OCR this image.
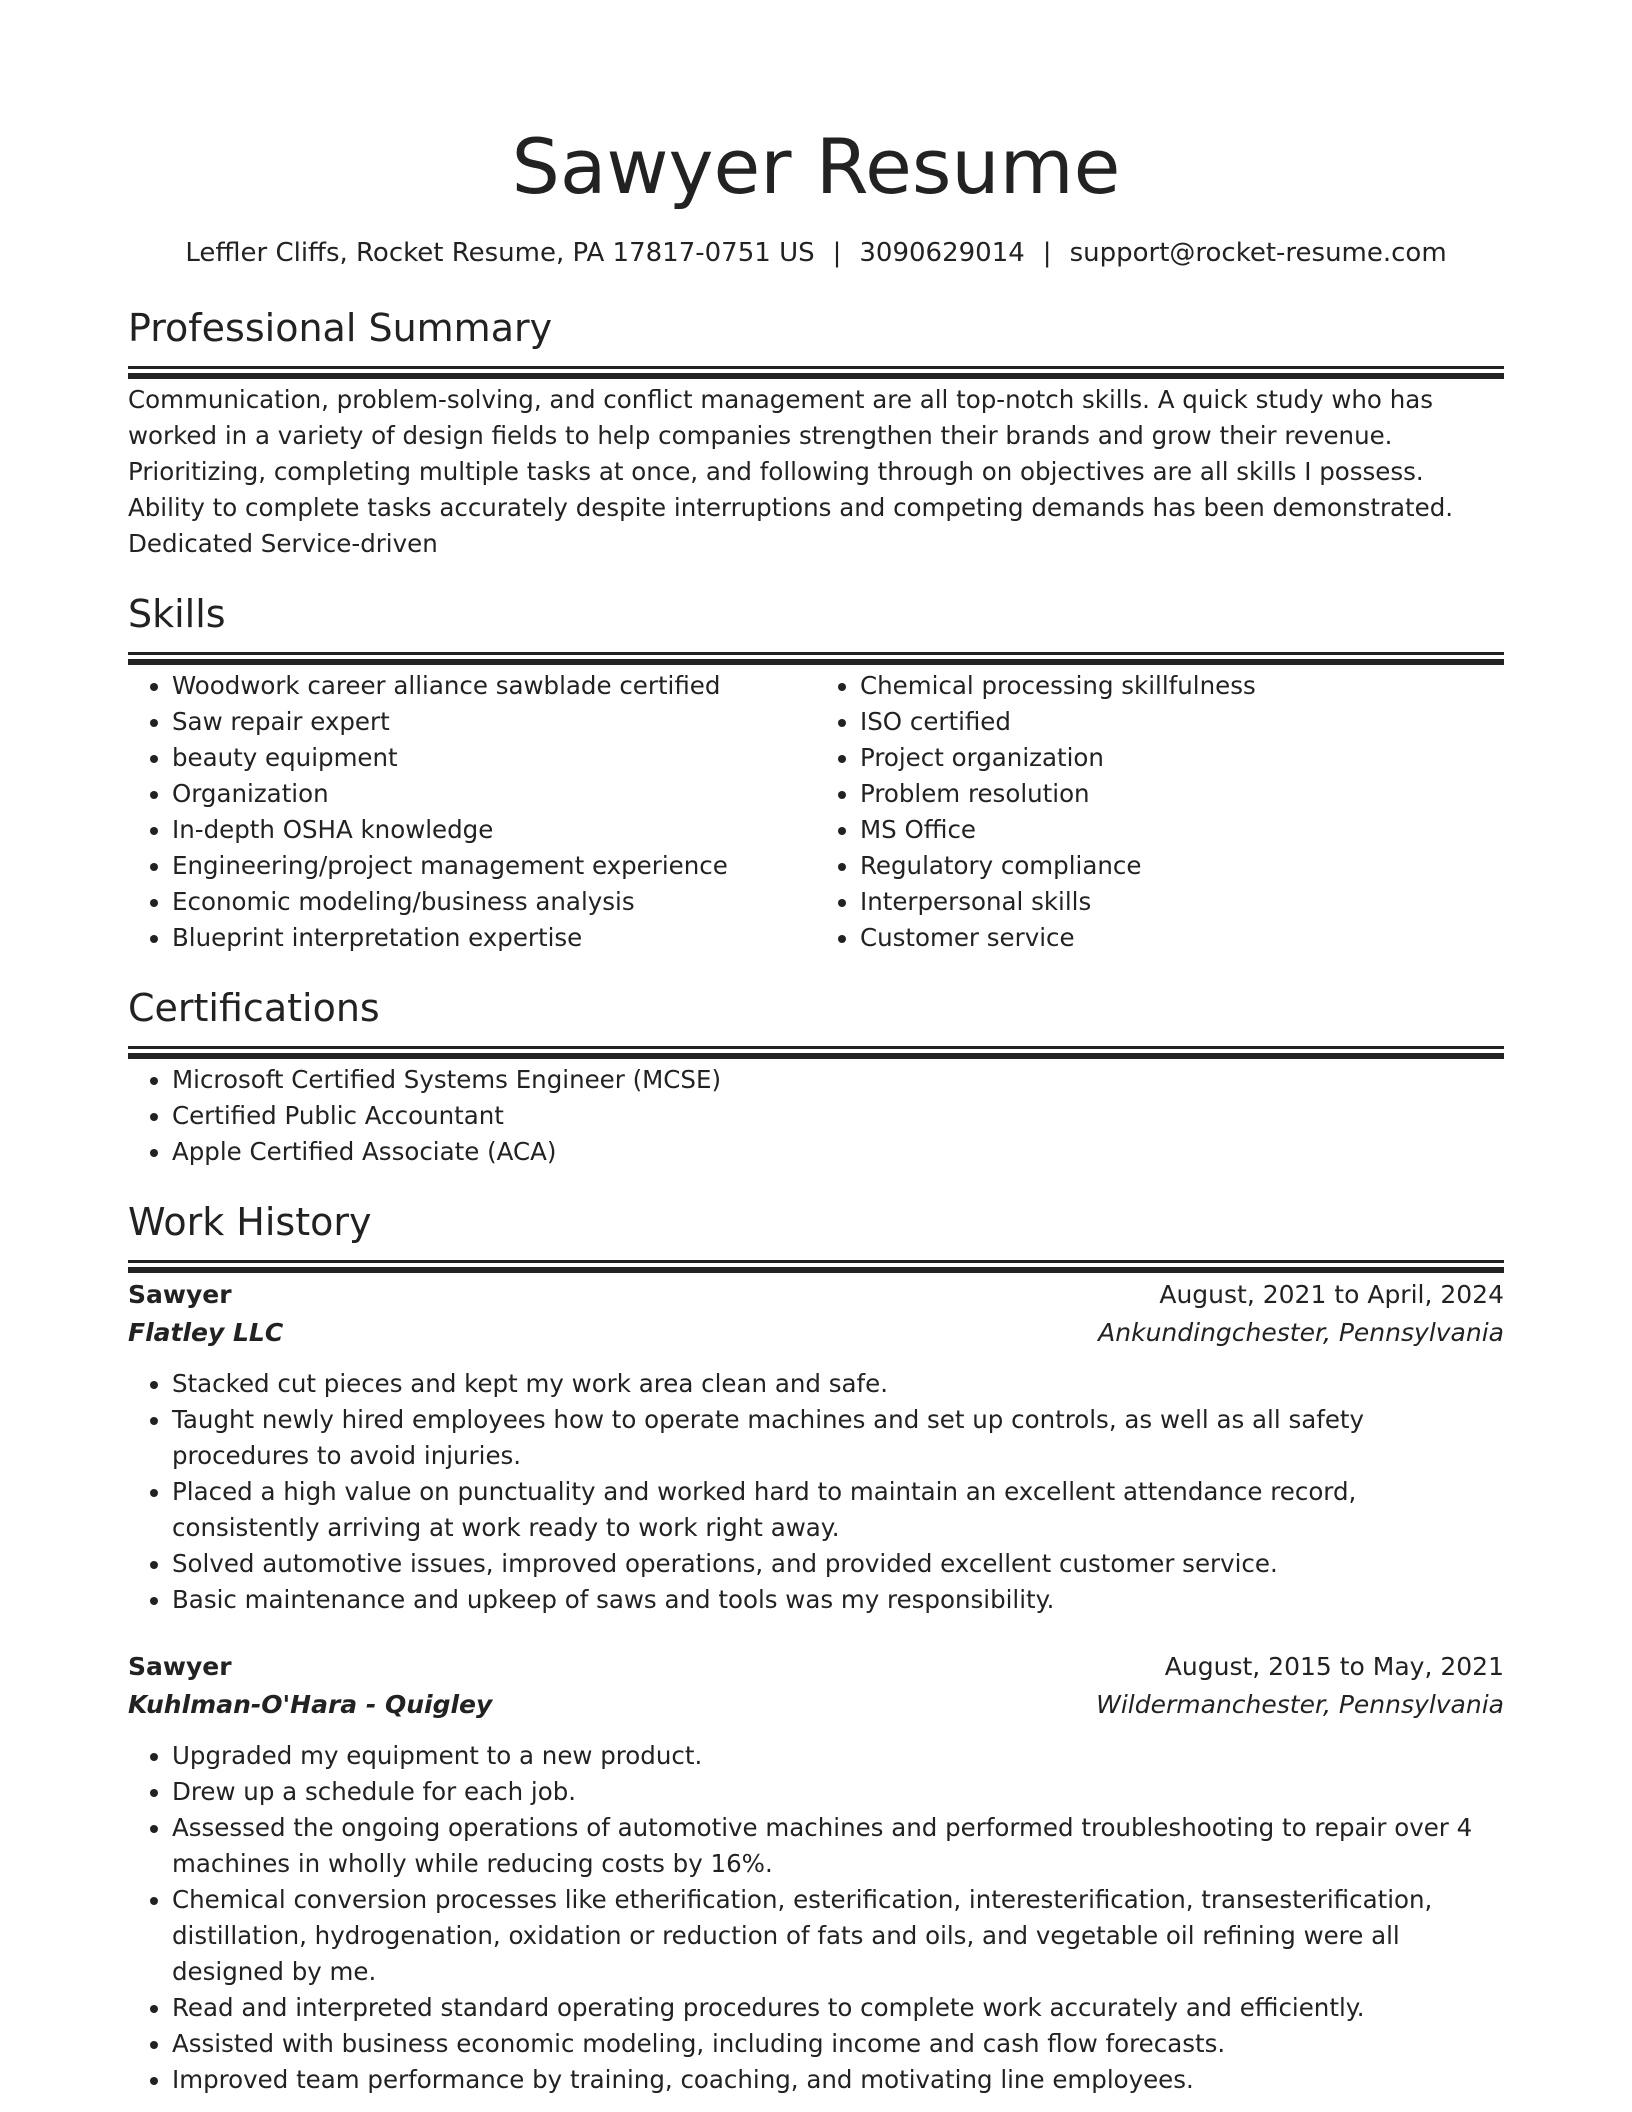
Sawyer Resume
Leffler Cliffs, Rocket Resume, PA 17817-0751 US | 3090629014 | support@rocket-resume.com
Professional Summary

Communication, problem-solving, and conflict management are all top-notch skills. A quick study who has worked in a variety of design fields to help companies strengthen their brands and grow their revenue. Prioritizing, completing multiple tasks at once, and following through on objectives are all skills I possess. Ability to complete tasks accurately despite interruptions and competing demands has been demonstrated. Dedicated Service-driven

Skills
• Woodwork career alliance sawblade certified
• Saw repair expert
• beauty equipment
• Organization
• In-depth OSHA knowledge
• Engineering/project management experience
• Economic modeling/business analysis
• Blueprint interpretation expertise
• Chemical processing skillfulness
• ISO certified
• Project organization
• Problem resolution
• MS Office
• Regulatory compliance
• Interpersonal skills
• Customer service
Certifications
• Microsoft Certified Systems Engineer (MCSE)
• Certified Public Accountant
• Apple Certified Associate (ACA)
Work History
Sawyer	August, 2021 to April, 2024
Flatley LLC	Ankundingchester, Pennsylvania
• Stacked cut pieces and kept my work area clean and safe.
• Taught newly hired employees how to operate machines and set up controls, as well as all safety procedures to avoid injuries.
• Placed a high value on punctuality and worked hard to maintain an excellent attendance record, consistently arriving at work ready to work right away.
• Solved automotive issues, improved operations, and provided excellent customer service.
• Basic maintenance and upkeep of saws and tools was my responsibility.
Sawyer	August, 2015 to May, 2021
Kuhlman-O'Hara - Quigley	Wildermanchester, Pennsylvania
• Upgraded my equipment to a new product.
• Drew up a schedule for each job.
• Assessed the ongoing operations of automotive machines and performed troubleshooting to repair over 4 machines in wholly while reducing costs by 16%.
• Chemical conversion processes like etherification, esterification, interesterification, transesterification, distillation, hydrogenation, oxidation or reduction of fats and oils, and vegetable oil refining were all designed by me.
• Read and interpreted standard operating procedures to complete work accurately and efficiently.
• Assisted with business economic modeling, including income and cash flow forecasts.
• Improved team performance by training, coaching, and motivating line employees.
